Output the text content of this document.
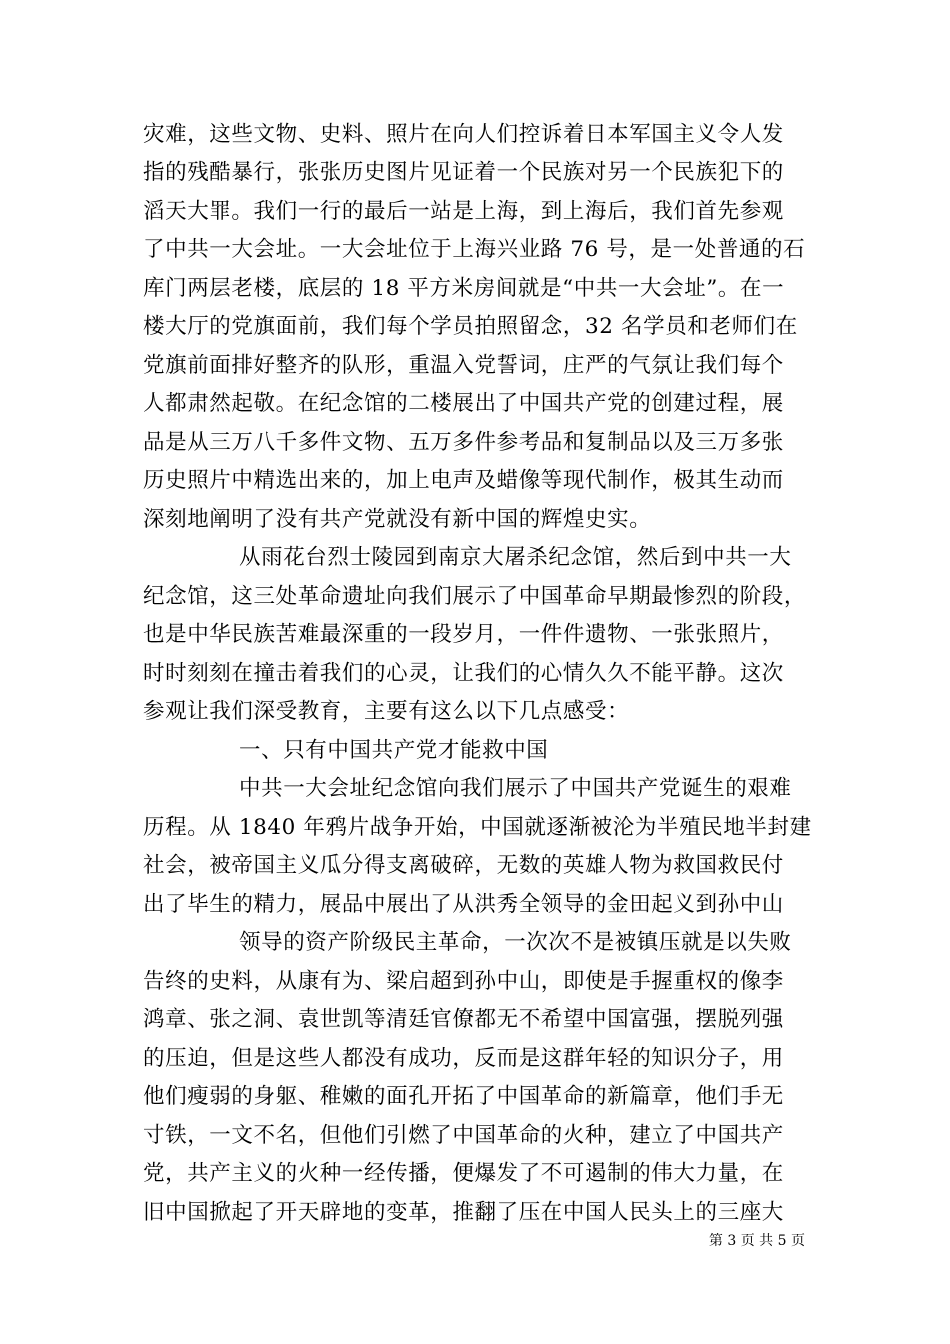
灾难，这些文物、史料、照片在向人们控诉着日本军国主义令人发
指的残酷暴行，张张历史图片见证着一个民族对另一个民族犯下的
滔天大罪。我们一行的最后一站是上海，到上海后，我们首先参观
了中共一大会址。一大会址位于上海兴业路 76 号，是一处普通的石
库门两层老楼，底层的 18 平方米房间就是“中共一大会址”。在一
楼大厅的党旗面前，我们每个学员拍照留念，32 名学员和老师们在
党旗前面排好整齐的队形，重温入党誓词，庄严的气氛让我们每个
人都肃然起敬。在纪念馆的二楼展出了中国共产党的创建过程，展
品是从三万八千多件文物、五万多件参考品和复制品以及三万多张
历史照片中精选出来的，加上电声及蜡像等现代制作，极其生动而
深刻地阐明了没有共产党就没有新中国的辉煌史实。
从雨花台烈士陵园到南京大屠杀纪念馆，然后到中共一大
纪念馆，这三处革命遗址向我们展示了中国革命早期最惨烈的阶段，
也是中华民族苦难最深重的一段岁月，一件件遗物、一张张照片，
时时刻刻在撞击着我们的心灵，让我们的心情久久不能平静。这次
参观让我们深受教育，主要有这么以下几点感受：
一、只有中国共产党才能救中国
中共一大会址纪念馆向我们展示了中国共产党诞生的艰难
历程。从 1840 年鸦片战争开始，中国就逐渐被沦为半殖民地半封建
社会，被帝国主义瓜分得支离破碎，无数的英雄人物为救国救民付
出了毕生的精力，展品中展出了从洪秀全领导的金田起义到孙中山
领导的资产阶级民主革命，一次次不是被镇压就是以失败
告终的史料，从康有为、梁启超到孙中山，即使是手握重权的像李
鸿章、张之洞、袁世凯等清廷官僚都无不希望中国富强，摆脱列强
的压迫，但是这些人都没有成功，反而是这群年轻的知识分子，用
他们瘦弱的身躯、稚嫩的面孔开拓了中国革命的新篇章，他们手无
寸铁，一文不名，但他们引燃了中国革命的火种，建立了中国共产
党，共产主义的火种一经传播，便爆发了不可遏制的伟大力量，在
旧中国掀起了开天辟地的变革，推翻了压在中国人民头上的三座大
第 3 页 共 5 页
